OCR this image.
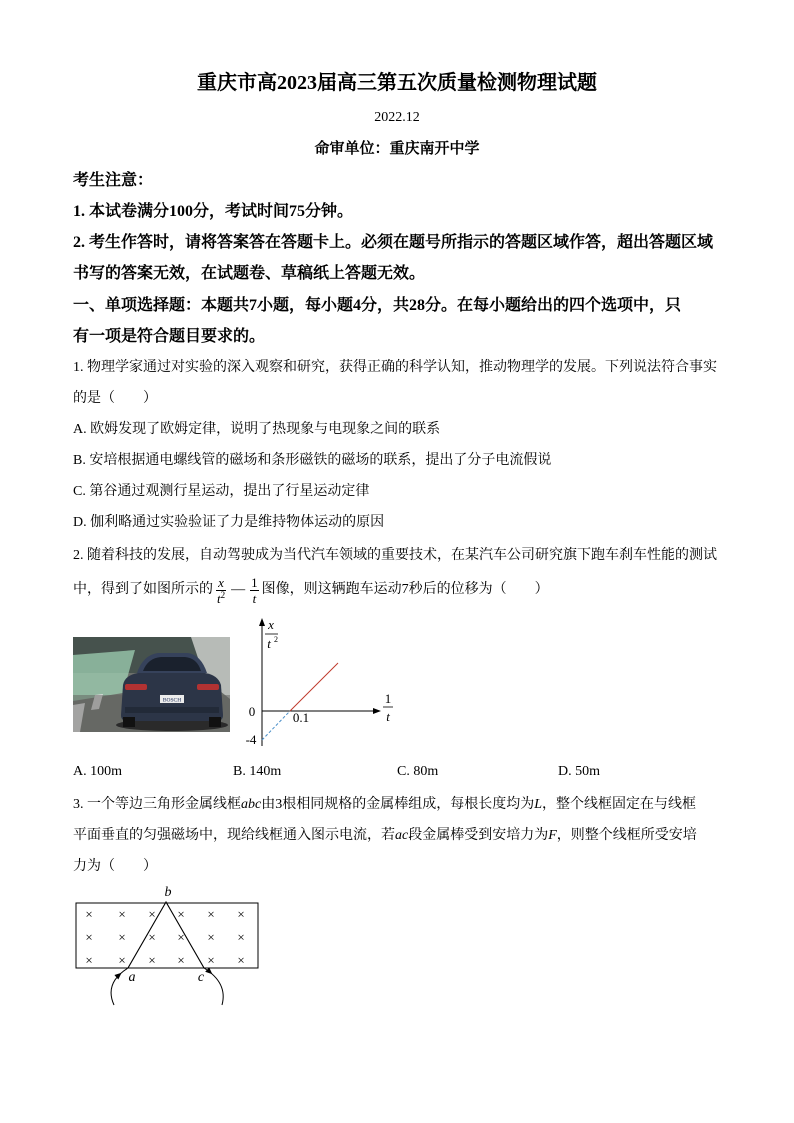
重庆市高2023届高三第五次质量检测物理试题
2022.12
命审单位：重庆南开中学
考生注意：
1. 本试卷满分100分，考试时间75分钟。
2. 考生作答时，请将答案答在答题卡上。必须在题号所指示的答题区域作答，超出答题区域
书写的答案无效，在试题卷、草稿纸上答题无效。
一、单项选择题：本题共7小题，每小题4分，共28分。在每小题给出的四个选项中，只
有一项是符合题目要求的。
1. 物理学家通过对实验的深入观察和研究，获得正确的科学认知，推动物理学的发展。下列说法符合事实
的是（　　）
A. 欧姆发现了欧姆定律，说明了热现象与电现象之间的联系
B. 安培根据通电螺线管的磁场和条形磁铁的磁场的联系，提出了分子电流假说
C. 第谷通过观测行星运动，提出了行星运动定律
D. 伽利略通过实验验证了力是维持物体运动的原因
2. 随着科技的发展，自动驾驶成为当代汽车领域的重要技术，在某汽车公司研究旗下跑车刹车性能的测试
中，得到了如图所示的 $\frac{x}{t^2}$ — $\frac{1}{t}$ 图像，则这辆跑车运动7秒后的位移为（　　）
BOSCH
x
t 2
1
t
0	0.1
-4
A. 100m	B. 140m	C. 80m	D. 50m
3. 一个等边三角形金属线框abc由3根相同规格的金属棒组成，每根长度均为L，整个线框固定在与线框
平面垂直的匀强磁场中，现给线框通入图示电流，若ac段金属棒受到安培力为F，则整个线框所受安培
力为（　　）
× × × × × ×
× × × × × ×
× × × × × ×
b
a	c
